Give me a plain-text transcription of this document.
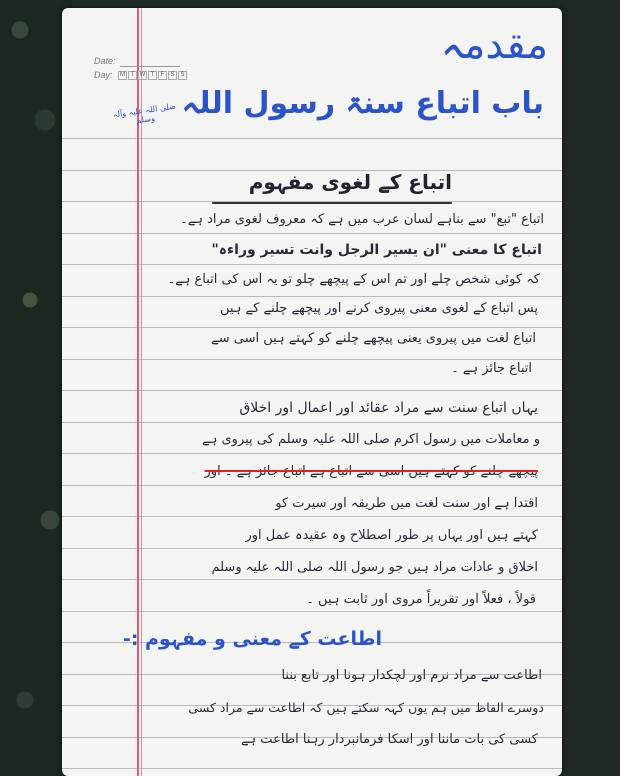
Date:
Day:	M T W T	F	S S
مقدمہ
باب اتباع سنۃ رسول اللہ
صلی اللہ علیہ وآلہ وسلم
اتباع کے لغوی مفہوم
اتباع "تبع" سے بناہے لسان عرب میں ہے کہ معروف لغوی مراد ہے۔
اتباع کا معنی "ان یسیر الرجل وانت تسیر وراءہ"
کہ کوئی شخص چلے اور تم اس کے پیچھے چلو تو یہ اس کی اتباع ہے۔
پس اتباع کے لغوی معنی پیروی کرنے اور پیچھے چلنے کے ہیں
اتباع لغت میں پیروی یعنی پیچھے چلنے کو کہتے ہیں اسی سے
اتباع جائز ہے ۔
یہاں اتباع سنت سے مراد عقائد اور اعمال اور اخلاق
و معاملات میں رسول اکرم صلی اللہ علیہ وسلم کی پیروی ہے
پیچھے چلنے کو کہتے ہیں اسی سے اتباع ہے اتباع جائز ہے ۔ اور
اقتدا ہے اور سنت لغت میں طریقہ اور سیرت کو
کہتے ہیں اور یہاں پر طور اصطلاح وہ عقیدہ عمل اور
اخلاق و عادات مراد ہیں جو رسول اللہ صلی اللہ علیہ وسلم
قولاً ، فعلاً اور تقریراً مروی اور ثابت ہیں ۔
اطاعت کے معنی و مفہوم :-
اطاعت سے مراد نرم اور لچکدار ہونا اور تابع بننا
دوسرے الفاظ میں ہم یوں کہہ سکتے ہیں کہ اطاعت سے مراد کسی
کسی کی بات ماننا اور اسکا فرمانبردار رہنا اطاعت ہے
